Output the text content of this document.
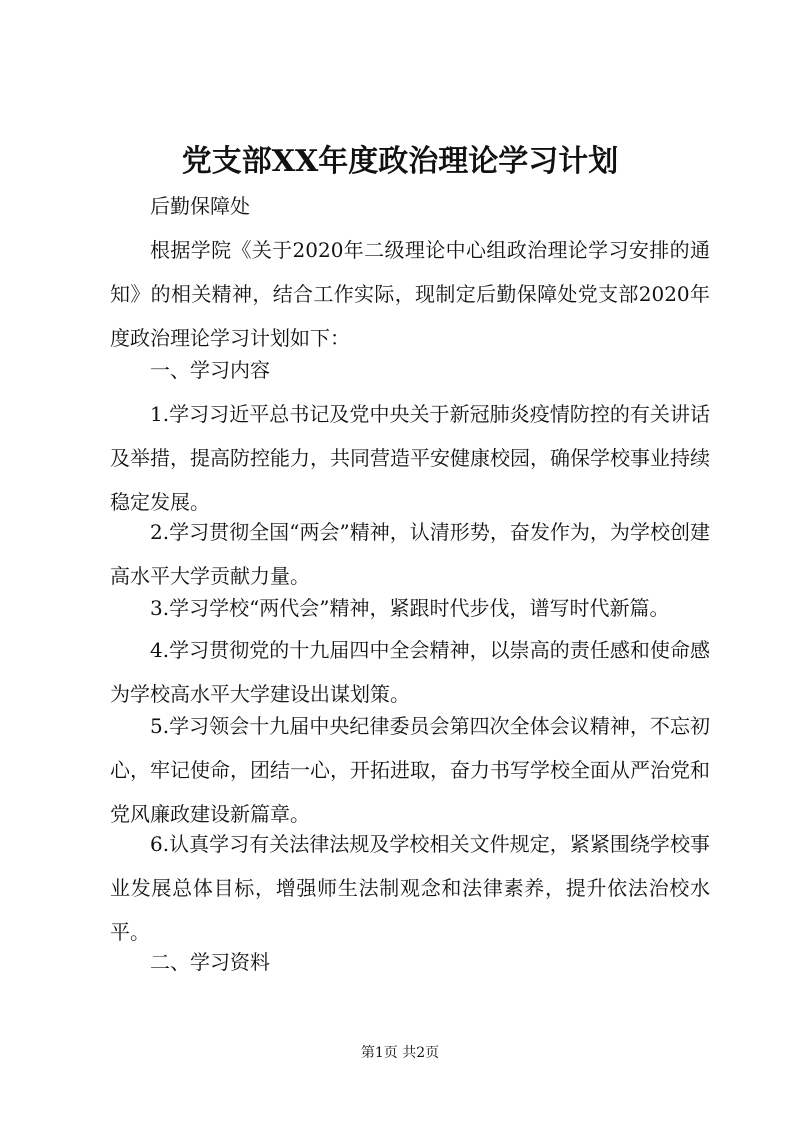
党支部XX年度政治理论学习计划

后勤保障处

根据学院《关于2020年二级理论中心组政治理论学习安排的通知》的相关精神，结合工作实际，现制定后勤保障处党支部2020年度政治理论学习计划如下：

一、学习内容

1.学习习近平总书记及党中央关于新冠肺炎疫情防控的有关讲话及举措，提高防控能力，共同营造平安健康校园，确保学校事业持续稳定发展。

2.学习贯彻全国“两会”精神，认清形势，奋发作为，为学校创建高水平大学贡献力量。

3.学习学校“两代会”精神，紧跟时代步伐，谱写时代新篇。

4.学习贯彻党的十九届四中全会精神，以崇高的责任感和使命感为学校高水平大学建设出谋划策。

5.学习领会十九届中央纪律委员会第四次全体会议精神，不忘初心，牢记使命，团结一心，开拓进取，奋力书写学校全面从严治党和党风廉政建设新篇章。

6.认真学习有关法律法规及学校相关文件规定，紧紧围绕学校事业发展总体目标，增强师生法制观念和法律素养，提升依法治校水平。

二、学习资料

第1页 共2页
